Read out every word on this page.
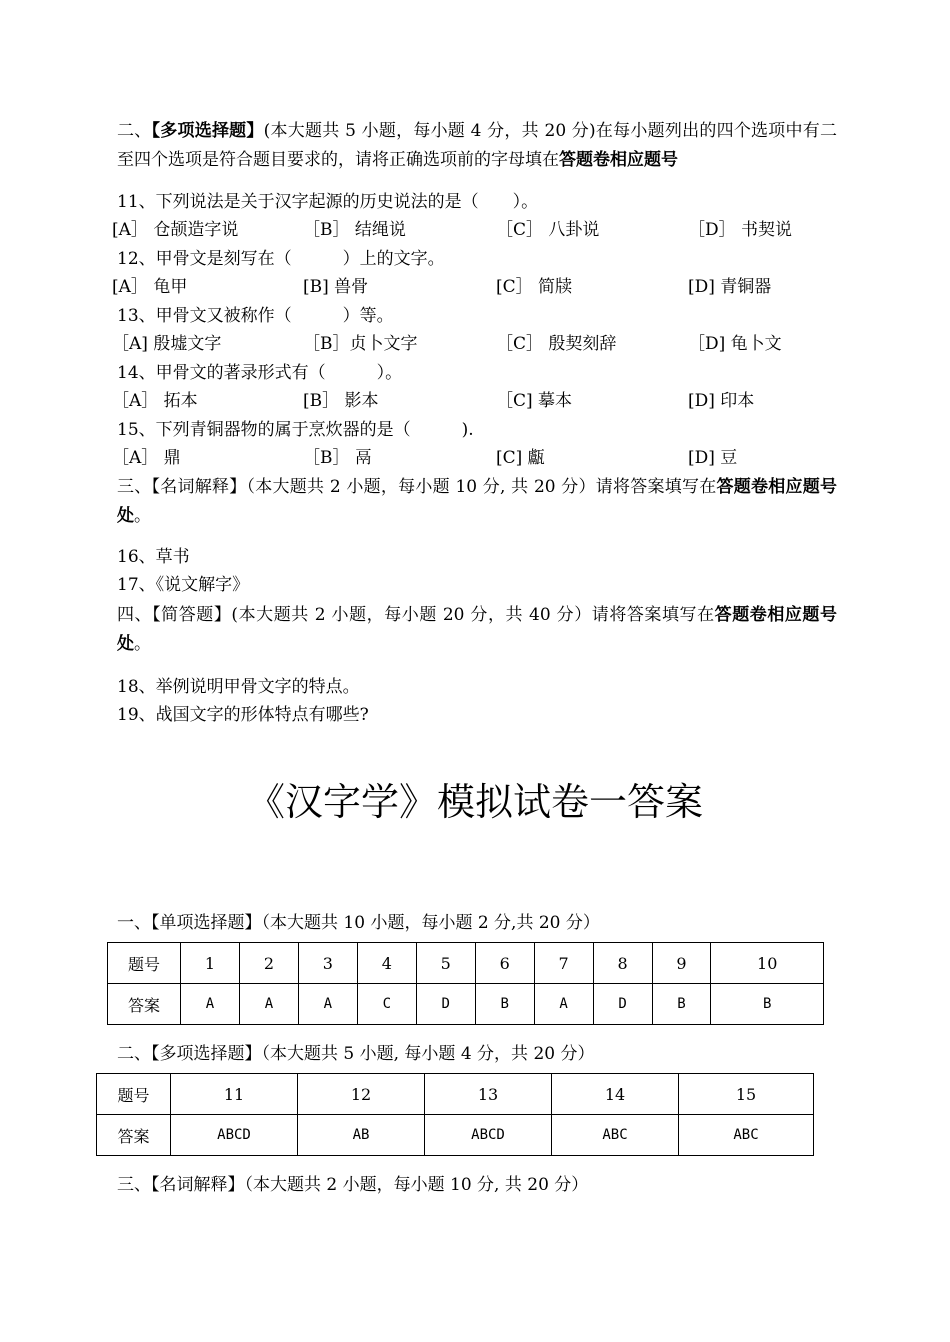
二、【多项选择题】(本大题共 5 小题，每小题 4 分，共 20 分)在每小题列出的四个选项中有二至四个选项是符合题目要求的，请将正确选项前的字母填在答题卷相应题号
11、下列说法是关于汉字起源的历史说法的是（　　）。
[A］ 仓颉造字说	［B］ 结绳说	［C］ 八卦说	［D］ 书契说
12、甲骨文是刻写在（　　　）上的文字。
[A］ 龟甲	[B] 兽骨	[C］ 简牍	[D] 青铜器
13、甲骨文又被称作（　　　）等。
［A] 殷墟文字	［B］贞卜文字	［C］ 殷契刻辞	［D] 龟卜文
14、甲骨文的著录形式有（　　　）。
［A］ 拓本	[B］ 影本	［C] 摹本	[D] 印本
15、下列青铜器物的属于烹炊器的是（　　　).
［A］ 鼎	［B］ 鬲	[C] 甗	[D] 豆
三、【名词解释】（本大题共 2 小题，每小题 10 分, 共 20 分）请将答案填写在答题卷相应题号处。
16、草书
17、《说文解字》
四、【简答题】(本大题共 2 小题，每小题 20 分，共 40 分）请将答案填写在答题卷相应题号处。
18、举例说明甲骨文字的特点。
19、战国文字的形体特点有哪些?
《汉字学》模拟试卷一答案
一、【单项选择题】（本大题共 10 小题，每小题 2 分,共 20 分）
题号	1	2	3	4	5	6	7	8	9	10
答案	A	A	A	C	D	B	A	D	B	B
二、【多项选择题】（本大题共 5 小题, 每小题 4 分，共 20 分）
题号	11	12	13	14	15
答案	ABCD	AB	ABCD	ABC	ABC
三、【名词解释】（本大题共 2 小题，每小题 10 分, 共 20 分）
